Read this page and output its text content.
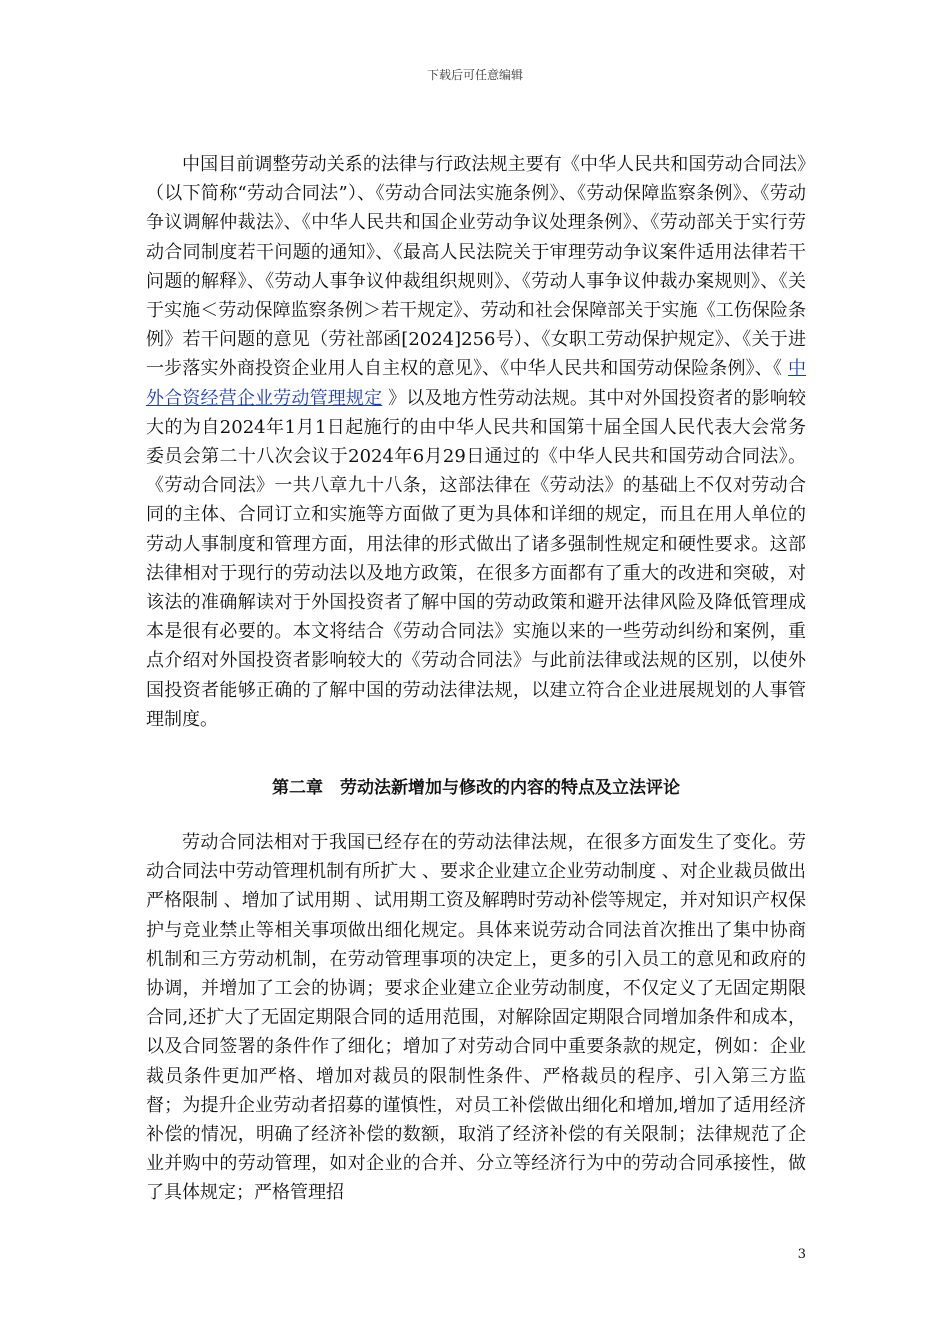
下载后可任意编辑

中国目前调整劳动关系的法律与行政法规主要有《中华人民共和国劳动合同法》（以下简称“劳动合同法”）、《劳动合同法实施条例》、《劳动保障监察条例》、《劳动争议调解仲裁法》、《中华人民共和国企业劳动争议处理条例》、《劳动部关于实行劳动合同制度若干问题的通知》、《最高人民法院关于审理劳动争议案件适用法律若干问题的解释》、《劳动人事争议仲裁组织规则》、《劳动人事争议仲裁办案规则》、《关于实施＜劳动保障监察条例＞若干规定》、劳动和社会保障部关于实施《工伤保险条例》若干问题的意见（劳社部函[2024]256号）、《女职工劳动保护规定》、《关于进一步落实外商投资企业用人自主权的意见》、《中华人民共和国劳动保险条例》、《 中外合资经营企业劳动管理规定 》以及地方性劳动法规。其中对外国投资者的影响较大的为自2024年1月1日起施行的由中华人民共和国第十届全国人民代表大会常务委员会第二十八次会议于2024年6月29日通过的《中华人民共和国劳动合同法》。《劳动合同法》一共八章九十八条，这部法律在《劳动法》的基础上不仅对劳动合同的主体、合同订立和实施等方面做了更为具体和详细的规定，而且在用人单位的劳动人事制度和管理方面，用法律的形式做出了诸多强制性规定和硬性要求。这部法律相对于现行的劳动法以及地方政策，在很多方面都有了重大的改进和突破，对该法的准确解读对于外国投资者了解中国的劳动政策和避开法律风险及降低管理成本是很有必要的。本文将结合《劳动合同法》实施以来的一些劳动纠纷和案例，重点介绍对外国投资者影响较大的《劳动合同法》与此前法律或法规的区别，以使外国投资者能够正确的了解中国的劳动法律法规，以建立符合企业进展规划的人事管理制度。

第二章　劳动法新增加与修改的内容的特点及立法评论

劳动合同法相对于我国已经存在的劳动法律法规，在很多方面发生了变化。劳动合同法中劳动管理机制有所扩大 、要求企业建立企业劳动制度 、对企业裁员做出严格限制 、增加了试用期 、试用期工资及解聘时劳动补偿等规定，并对知识产权保护与竞业禁止等相关事项做出细化规定。具体来说劳动合同法首次推出了集中协商机制和三方劳动机制，在劳动管理事项的决定上，更多的引入员工的意见和政府的协调，并增加了工会的协调；要求企业建立企业劳动制度，不仅定义了无固定期限合同,还扩大了无固定期限合同的适用范围，对解除固定期限合同增加条件和成本，以及合同签署的条件作了细化；增加了对劳动合同中重要条款的规定，例如：企业裁员条件更加严格、增加对裁员的限制性条件、严格裁员的程序、引入第三方监督；为提升企业劳动者招募的谨慎性，对员工补偿做出细化和增加,增加了适用经济补偿的情况，明确了经济补偿的数额，取消了经济补偿的有关限制；法律规范了企业并购中的劳动管理，如对企业的合并、分立等经济行为中的劳动合同承接性，做了具体规定；严格管理招

3
